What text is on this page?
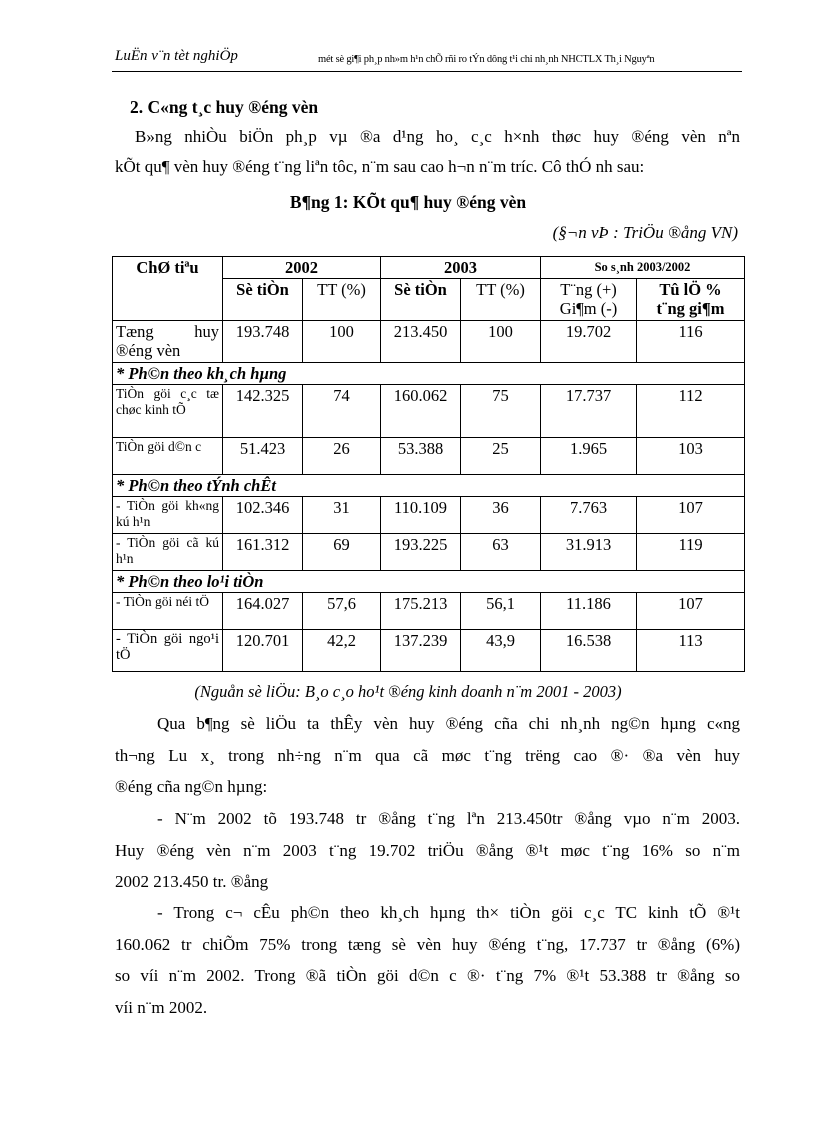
LuËn v¨n tèt nghiÖp	mét sè gi¶i ph¸p nh»m h¹n chÕ rñi ro tÝn dông t¹i chi nh¸nh NHCTLX Th¸i Nguyªn
2. C«ng t¸c huy ®éng vèn
B»ng nhiÒu biÖn ph¸p vµ ®a d¹ng ho¸ c¸c h×nh thøc huy ®éng vèn nªn
kÕt qu¶ vèn huy ®éng t¨ng liªn tôc, n¨m sau cao h¬n n¨m tríc. Cô thÓ nh sau:
B¶ng 1: KÕt qu¶ huy ®éng vèn
(§¬n vÞ : TriÖu ®ång VN)
ChØ tiªu	2002		2003		So s¸nh 2003/2002	
	Sè tiÒn	TT (%)	Sè tiÒn	TT (%)	T¨ng (+)
Gi¶m (-)	Tû lÖ %
t¨ng gi¶m

Tæng huy
®éng vèn	193.748	100	213.450	100	19.702	116
* Ph©n theo kh¸ch hµng						
TiÒn göi c¸c tæ chøc kinh tÕ	142.325	74	160.062	75	17.737	112
TiÒn göi d©n c	51.423	26	53.388	25	1.965	103
* Ph©n theo tÝnh chÊt						
- TiÒn göi kh«ng kú h¹n	102.346	31	110.109	36	7.763	107
- TiÒn göi cã kú h¹n	161.312	69	193.225	63	31.913	119
* Ph©n theo lo¹i tiÒn						
- TiÒn göi néi tÖ	164.027	57,6	175.213	56,1	11.186	107
- TiÒn göi ngo¹i tÖ	120.701	42,2	137.239	43,9	16.538	113
(Nguån sè liÖu: B¸o c¸o ho¹t ®éng kinh doanh n¨m 2001 - 2003)
Qua b¶ng sè liÖu ta thÊy vèn huy ®éng cña chi nh¸nh ng©n hµng c«ng
th¬ng Lu x¸ trong nh÷ng n¨m qua cã møc t¨ng trëng cao ®· ®a vèn huy
®éng cña ng©n hµng:
- N¨m 2002 tõ 193.748 tr ®ång t¨ng lªn 213.450tr ®ång vµo n¨m 2003.
Huy ®éng vèn n¨m 2003 t¨ng 19.702 triÖu ®ång ®¹t møc t¨ng 16% so n¨m
2002 213.450 tr. ®ång
- Trong c¬ cÊu ph©n theo kh¸ch hµng th× tiÒn göi c¸c TC kinh tÕ ®¹t
160.062 tr chiÕm 75% trong tæng sè vèn huy ®éng t¨ng, 17.737 tr ®ång (6%)
so víi n¨m 2002. Trong ®ã tiÒn göi d©n c ®· t¨ng 7% ®¹t 53.388 tr ®ång so
víi n¨m 2002.
